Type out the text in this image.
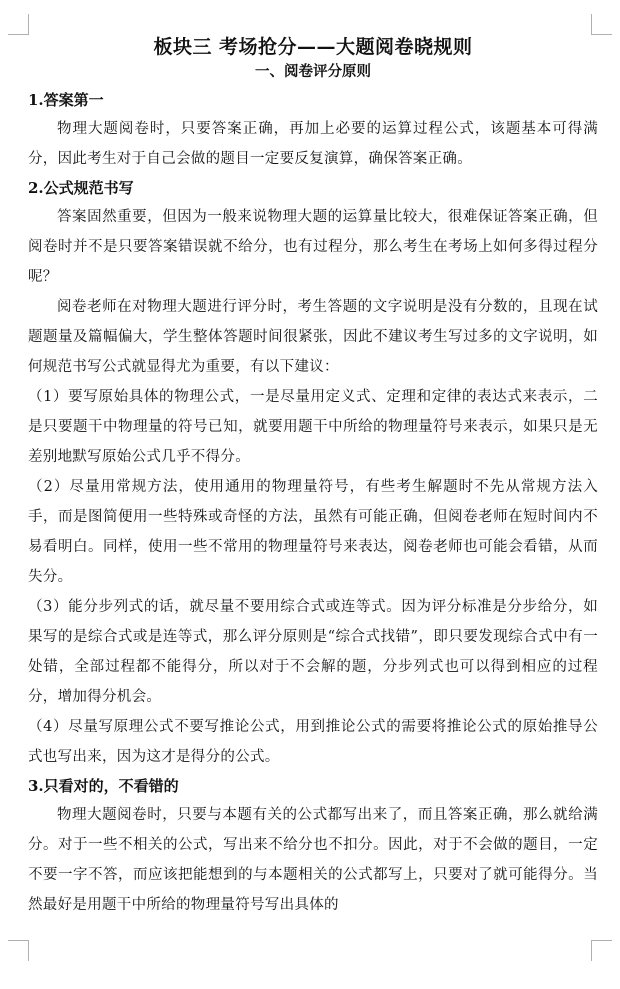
板块三 考场抢分——大题阅卷晓规则
一、阅卷评分原则

1.答案第一

物理大题阅卷时，只要答案正确，再加上必要的运算过程公式，该题基本可得满分，因此考生对于自己会做的题目一定要反复演算，确保答案正确。

2.公式规范书写

答案固然重要，但因为一般来说物理大题的运算量比较大，很难保证答案正确，但阅卷时并不是只要答案错误就不给分，也有过程分，那么考生在考场上如何多得过程分呢？

阅卷老师在对物理大题进行评分时，考生答题的文字说明是没有分数的，且现在试题题量及篇幅偏大，学生整体答题时间很紧张，因此不建议考生写过多的文字说明，如何规范书写公式就显得尤为重要，有以下建议：

（1）要写原始具体的物理公式，一是尽量用定义式、定理和定律的表达式来表示，二是只要题干中物理量的符号已知，就要用题干中所给的物理量符号来表示，如果只是无差别地默写原始公式几乎不得分。

（2）尽量用常规方法，使用通用的物理量符号，有些考生解题时不先从常规方法入手，而是图简便用一些特殊或奇怪的方法，虽然有可能正确，但阅卷老师在短时间内不易看明白。同样，使用一些不常用的物理量符号来表达，阅卷老师也可能会看错，从而失分。

（3）能分步列式的话，就尽量不要用综合式或连等式。因为评分标准是分步给分，如果写的是综合式或是连等式，那么评分原则是“综合式找错”，即只要发现综合式中有一处错，全部过程都不能得分，所以对于不会解的题，分步列式也可以得到相应的过程分，增加得分机会。

（4）尽量写原理公式不要写推论公式，用到推论公式的需要将推论公式的原始推导公式也写出来，因为这才是得分的公式。

3.只看对的，不看错的

物理大题阅卷时，只要与本题有关的公式都写出来了，而且答案正确，那么就给满分。对于一些不相关的公式，写出来不给分也不扣分。因此，对于不会做的题目，一定不要一字不答，而应该把能想到的与本题相关的公式都写上，只要对了就可能得分。当然最好是用题干中所给的物理量符号写出具体的
